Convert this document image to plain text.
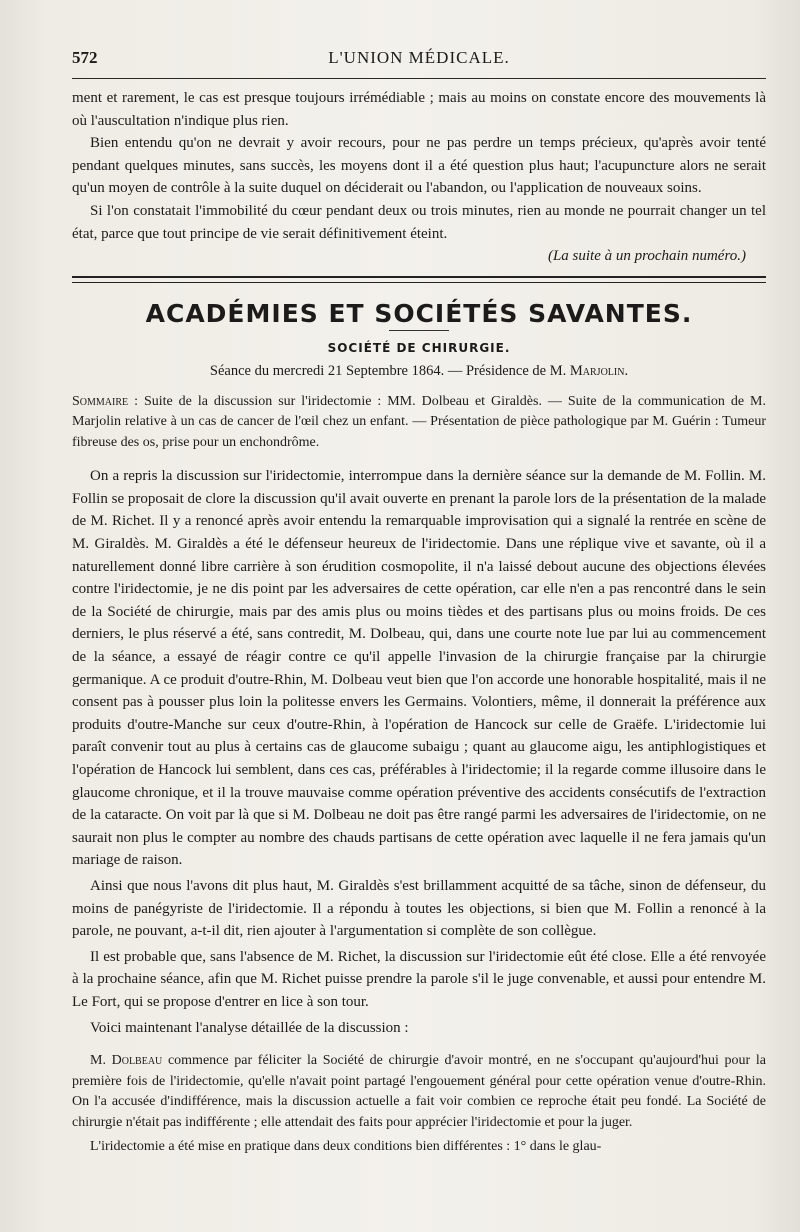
572	L'UNION MÉDICALE.

ment et rarement, le cas est presque toujours irrémédiable ; mais au moins on constate encore des mouvements là où l'auscultation n'indique plus rien.

Bien entendu qu'on ne devrait y avoir recours, pour ne pas perdre un temps précieux, qu'après avoir tenté pendant quelques minutes, sans succès, les moyens dont il a été question plus haut; l'acupuncture alors ne serait qu'un moyen de contrôle à la suite duquel on déciderait ou l'abandon, ou l'application de nouveaux soins.

Si l'on constatait l'immobilité du cœur pendant deux ou trois minutes, rien au monde ne pourrait changer un tel état, parce que tout principe de vie serait définitivement éteint.

(La suite à un prochain numéro.)

ACADÉMIES ET SOCIÉTÉS SAVANTES.
SOCIÉTÉ DE CHIRURGIE.
Séance du mercredi 21 Septembre 1864. — Présidence de M. Marjolin.
Sommaire : Suite de la discussion sur l'iridectomie : MM. Dolbeau et Giraldès. — Suite de la communication de M. Marjolin relative à un cas de cancer de l'œil chez un enfant. — Présentation de pièce pathologique par M. Guérin : Tumeur fibreuse des os, prise pour un enchondrôme.

On a repris la discussion sur l'iridectomie, interrompue dans la dernière séance sur la demande de M. Follin. M. Follin se proposait de clore la discussion qu'il avait ouverte en prenant la parole lors de la présentation de la malade de M. Richet. Il y a renoncé après avoir entendu la remarquable improvisation qui a signalé la rentrée en scène de M. Giraldès. M. Giraldès a été le défenseur heureux de l'iridectomie. Dans une réplique vive et savante, où il a naturellement donné libre carrière à son érudition cosmopolite, il n'a laissé debout aucune des objections élevées contre l'iridectomie, je ne dis point par les adversaires de cette opération, car elle n'en a pas rencontré dans le sein de la Société de chirurgie, mais par des amis plus ou moins tièdes et des partisans plus ou moins froids. De ces derniers, le plus réservé a été, sans contredit, M. Dolbeau, qui, dans une courte note lue par lui au commencement de la séance, a essayé de réagir contre ce qu'il appelle l'invasion de la chirurgie française par la chirurgie germanique. A ce produit d'outre-Rhin, M. Dolbeau veut bien que l'on accorde une honorable hospitalité, mais il ne consent pas à pousser plus loin la politesse envers les Germains. Volontiers, même, il donnerait la préférence aux produits d'outre-Manche sur ceux d'outre-Rhin, à l'opération de Hancock sur celle de Graëfe. L'iridectomie lui paraît convenir tout au plus à certains cas de glaucome subaigu ; quant au glaucome aigu, les antiphlogistiques et l'opération de Hancock lui semblent, dans ces cas, préférables à l'iridectomie; il la regarde comme illusoire dans le glaucome chronique, et il la trouve mauvaise comme opération préventive des accidents consécutifs de l'extraction de la cataracte. On voit par là que si M. Dolbeau ne doit pas être rangé parmi les adversaires de l'iridectomie, on ne saurait non plus le compter au nombre des chauds partisans de cette opération avec laquelle il ne fera jamais qu'un mariage de raison.

Ainsi que nous l'avons dit plus haut, M. Giraldès s'est brillamment acquitté de sa tâche, sinon de défenseur, du moins de panégyriste de l'iridectomie. Il a répondu à toutes les objections, si bien que M. Follin a renoncé à la parole, ne pouvant, a-t-il dit, rien ajouter à l'argumentation si complète de son collègue.

Il est probable que, sans l'absence de M. Richet, la discussion sur l'iridectomie eût été close. Elle a été renvoyée à la prochaine séance, afin que M. Richet puisse prendre la parole s'il le juge convenable, et aussi pour entendre M. Le Fort, qui se propose d'entrer en lice à son tour.

Voici maintenant l'analyse détaillée de la discussion :

M. Dolbeau commence par féliciter la Société de chirurgie d'avoir montré, en ne s'occupant qu'aujourd'hui pour la première fois de l'iridectomie, qu'elle n'avait point partagé l'engouement général pour cette opération venue d'outre-Rhin. On l'a accusée d'indifférence, mais la discussion actuelle a fait voir combien ce reproche était peu fondé. La Société de chirurgie n'était pas indifférente ; elle attendait des faits pour apprécier l'iridectomie et pour la juger.

L'iridectomie a été mise en pratique dans deux conditions bien différentes : 1° dans le glau-
